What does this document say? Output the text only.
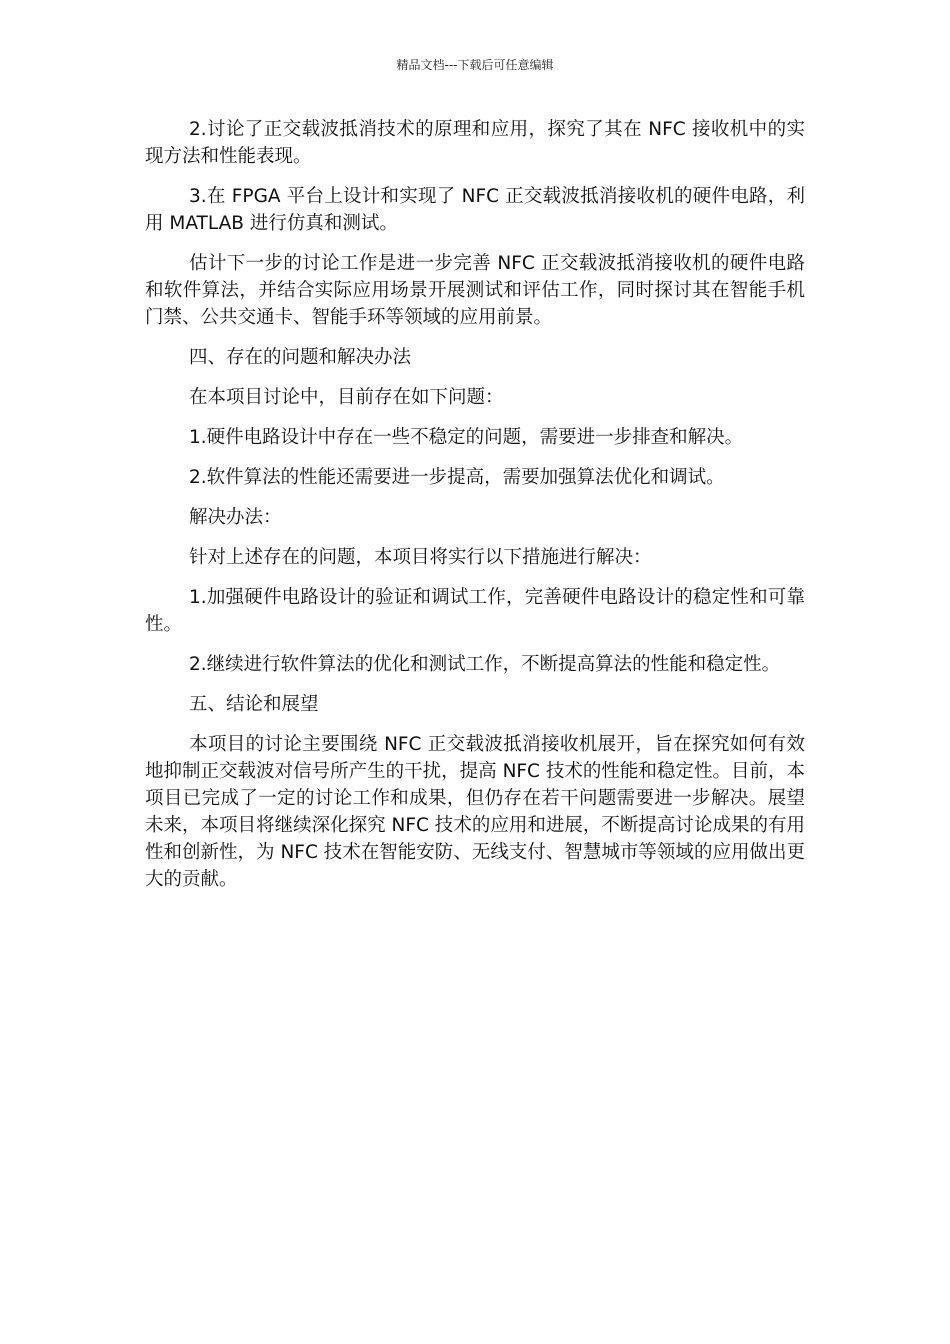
精品文档---下载后可任意编辑

2.讨论了正交载波抵消技术的原理和应用，探究了其在 NFC 接收机中的实现方法和性能表现。

3.在 FPGA 平台上设计和实现了 NFC 正交载波抵消接收机的硬件电路，利用 MATLAB 进行仿真和测试。

估计下一步的讨论工作是进一步完善 NFC 正交载波抵消接收机的硬件电路和软件算法，并结合实际应用场景开展测试和评估工作，同时探讨其在智能手机门禁、公共交通卡、智能手环等领域的应用前景。

四、存在的问题和解决办法

在本项目讨论中，目前存在如下问题：

1.硬件电路设计中存在一些不稳定的问题，需要进一步排查和解决。

2.软件算法的性能还需要进一步提高，需要加强算法优化和调试。

解决办法：

针对上述存在的问题，本项目将实行以下措施进行解决：

1.加强硬件电路设计的验证和调试工作，完善硬件电路设计的稳定性和可靠性。

2.继续进行软件算法的优化和测试工作，不断提高算法的性能和稳定性。

五、结论和展望

本项目的讨论主要围绕 NFC 正交载波抵消接收机展开，旨在探究如何有效地抑制正交载波对信号所产生的干扰，提高 NFC 技术的性能和稳定性。目前，本项目已完成了一定的讨论工作和成果，但仍存在若干问题需要进一步解决。展望未来，本项目将继续深化探究 NFC 技术的应用和进展，不断提高讨论成果的有用性和创新性，为 NFC 技术在智能安防、无线支付、智慧城市等领域的应用做出更大的贡献。
